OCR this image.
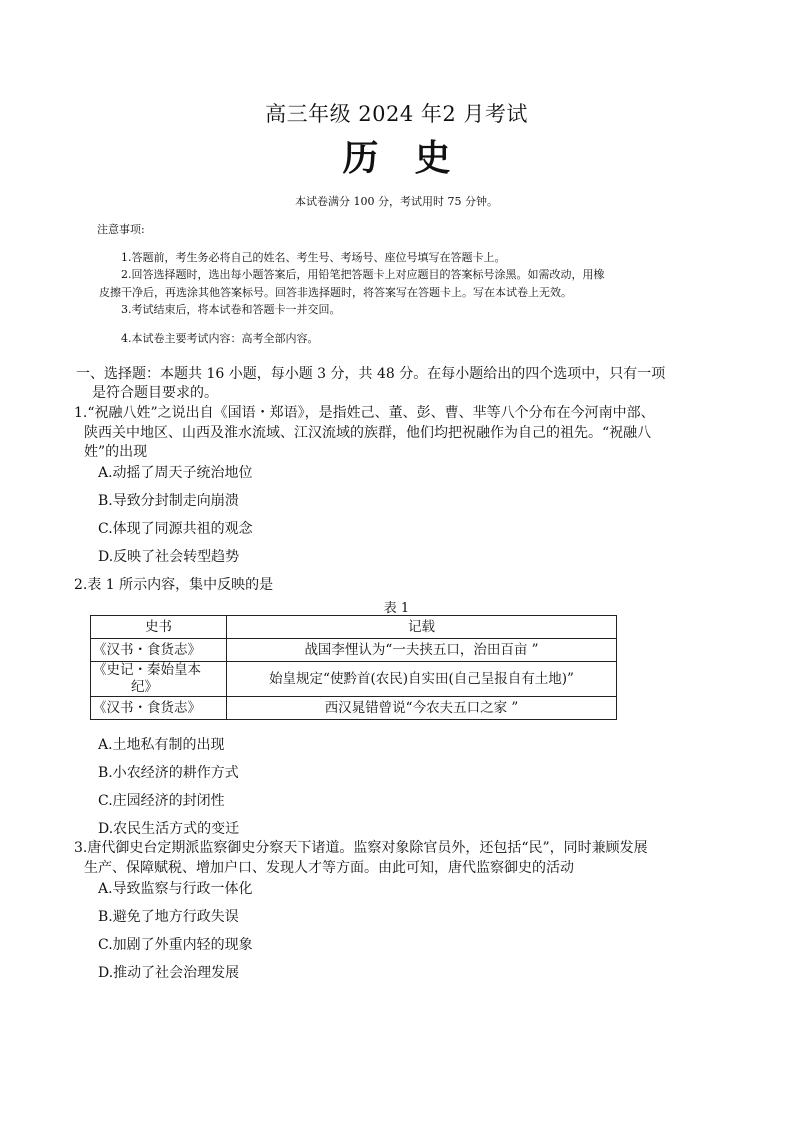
高三年级 2024 年2 月考试
历史
本试卷满分 100 分，考试用时 75 分钟。
注意事项:
1.答题前，考生务必将自己的姓名、考生号、考场号、座位号填写在答题卡上。
2.回答选择题时，选出每小题答案后，用铅笔把答题卡上对应题目的答案标号涂黑。如需改动，用橡
皮擦干净后，再选涂其他答案标号。回答非选择题时，将答案写在答题卡上。写在本试卷上无效。
3.考试结束后，将本试卷和答题卡一并交回。
4.本试卷主要考试内容：高考全部内容。
一、选择题：本题共 16 小题，每小题 3 分，共 48 分。在每小题给出的四个选项中，只有一项
是符合题目要求的。
1.“祝融八姓”之说出自《国语・郑语》，是指姓己、董、彭、曹、芈等八个分布在今河南中部、
陕西关中地区、山西及淮水流域、江汉流域的族群，他们均把祝融作为自己的祖先。“祝融八
姓”的出现
A.动摇了周天子统治地位
B.导致分封制走向崩溃
C.体现了同源共祖的观念
D.反映了社会转型趋势
2.表 1 所示内容，集中反映的是
表 1
史书	记载
《汉书・食货志》	战国李悝认为“一夫挟五口，治田百亩 ”
《史记・秦始皇本
纪》	始皇规定“使黔首(农民)自实田(自己呈报自有土地)”
《汉书・食货志》	西汉晁错曾说“今农夫五口之家 ”
A.土地私有制的出现
B.小农经济的耕作方式
C.庄园经济的封闭性
D.农民生活方式的变迁
3.唐代御史台定期派监察御史分察天下诸道。监察对象除官员外，还包括“民”，同时兼顾发展
生产、保障赋税、增加户口、发现人才等方面。由此可知，唐代监察御史的活动
A.导致监察与行政一体化
B.避免了地方行政失误
C.加剧了外重内轻的现象
D.推动了社会治理发展
